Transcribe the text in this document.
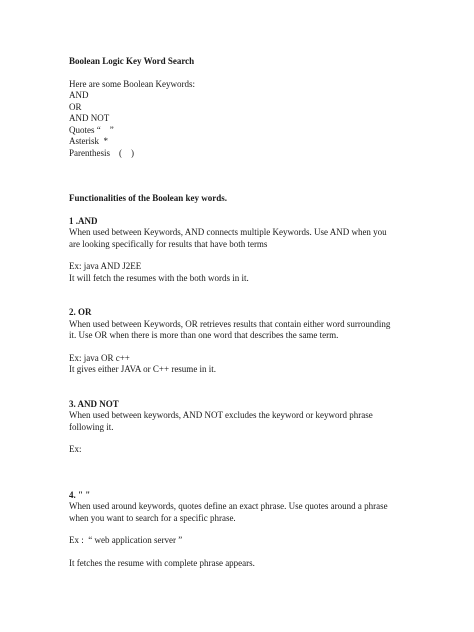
Boolean Logic Key Word Search
Here are some Boolean Keywords:
AND
OR
AND NOT
Quotes “    ”
Asterisk  *
Parenthesis    (    )
Functionalities of the Boolean key words.
1 .AND
When used between Keywords, AND connects multiple Keywords. Use AND when you
are looking specifically for results that have both terms
Ex: java AND J2EE
It will fetch the resumes with the both words in it.
2. OR
When used between Keywords, OR retrieves results that contain either word surrounding
it. Use OR when there is more than one word that describes the same term.
Ex: java OR c++
It gives either JAVA or C++ resume in it.
3. AND NOT
When used between keywords, AND NOT excludes the keyword or keyword phrase
following it.
Ex:
4. " "
When used around keywords, quotes define an exact phrase. Use quotes around a phrase
when you want to search for a specific phrase.
Ex :  “ web application server ”
It fetches the resume with complete phrase appears.
